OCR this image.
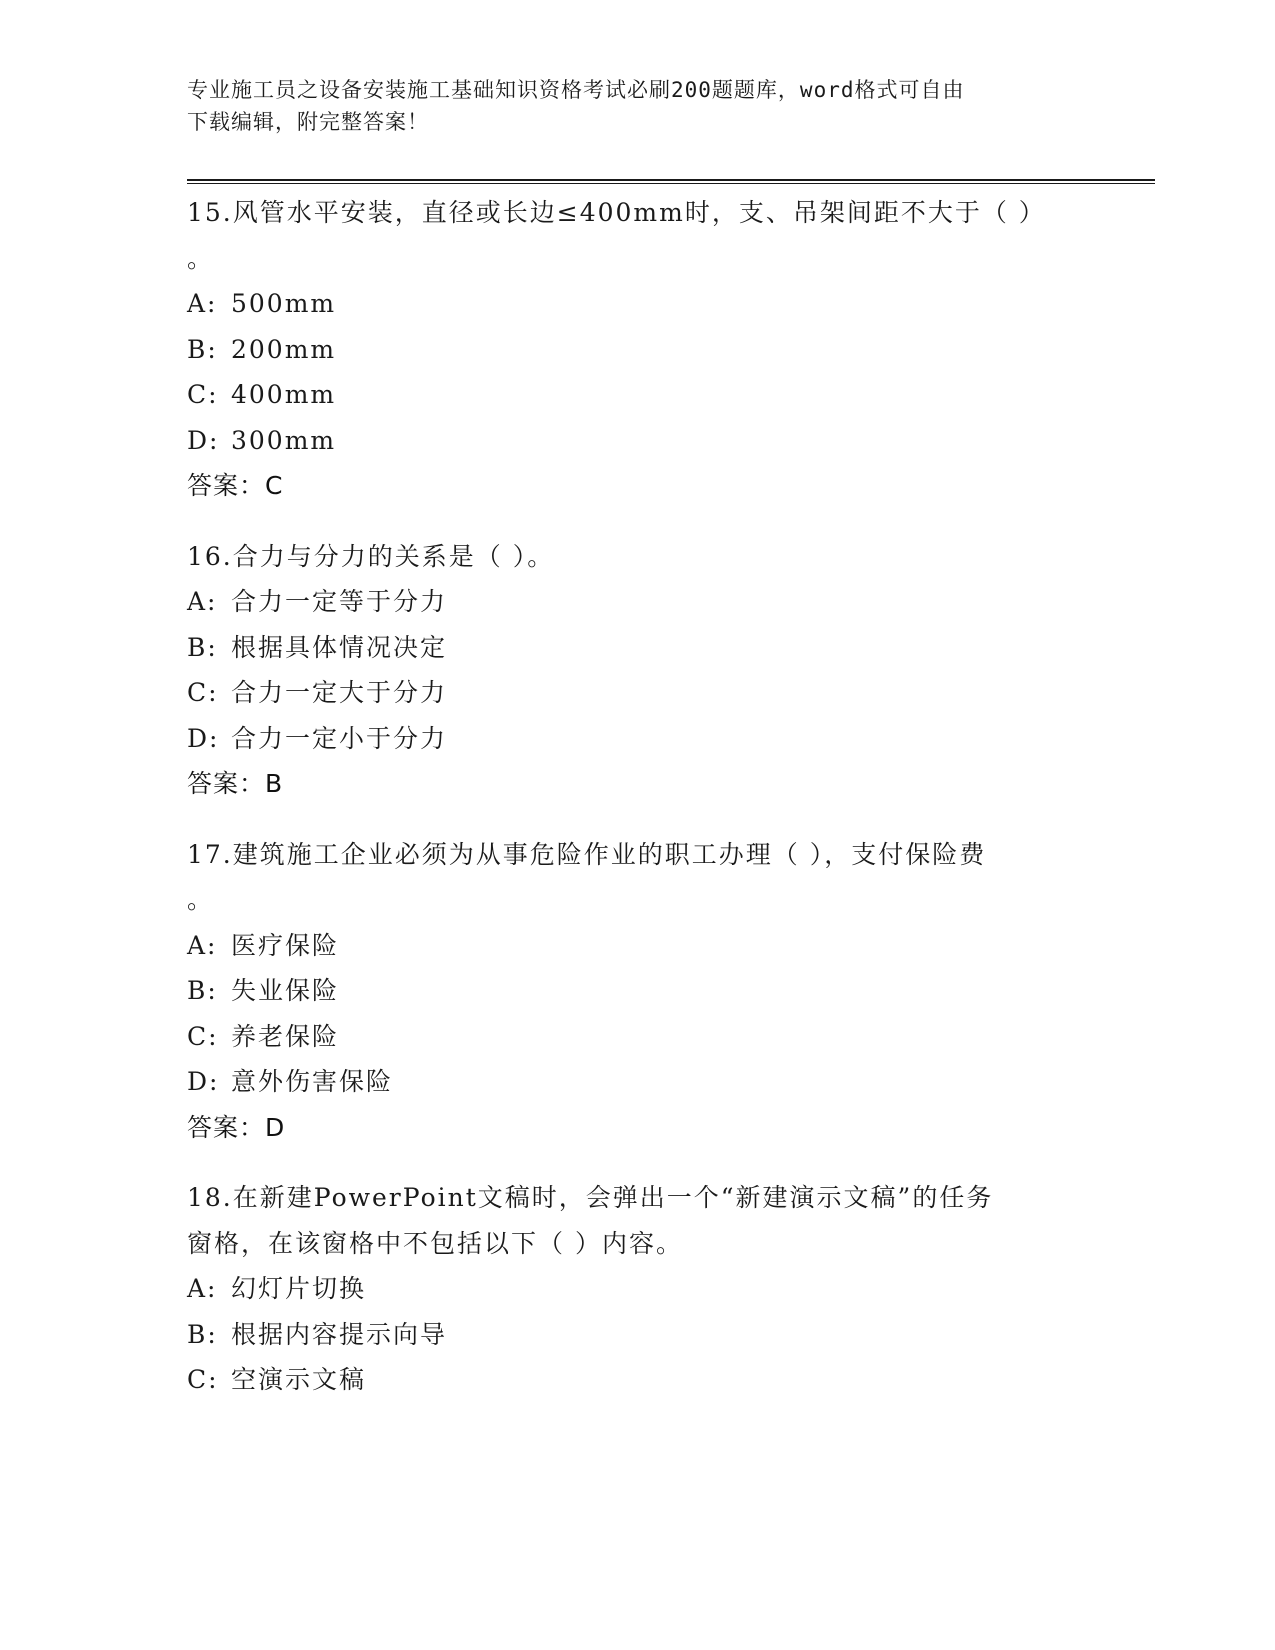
专业施工员之设备安装施工基础知识资格考试必刷200题题库，word格式可自由
下载编辑，附完整答案！
15.风管水平安装，直径或长边≤400mm时，支、吊架间距不大于（ ）
。
A: 500mm
B: 200mm
C: 400mm
D: 300mm
答案：C
16.合力与分力的关系是（ ）。
A: 合力一定等于分力
B: 根据具体情况决定
C: 合力一定大于分力
D: 合力一定小于分力
答案：B
17.建筑施工企业必须为从事危险作业的职工办理（ ），支付保险费
。
A: 医疗保险
B: 失业保险
C: 养老保险
D: 意外伤害保险
答案：D
18.在新建PowerPoint文稿时，会弹出一个“新建演示文稿”的任务
窗格，在该窗格中不包括以下（ ）内容。
A: 幻灯片切换
B: 根据内容提示向导
C: 空演示文稿
